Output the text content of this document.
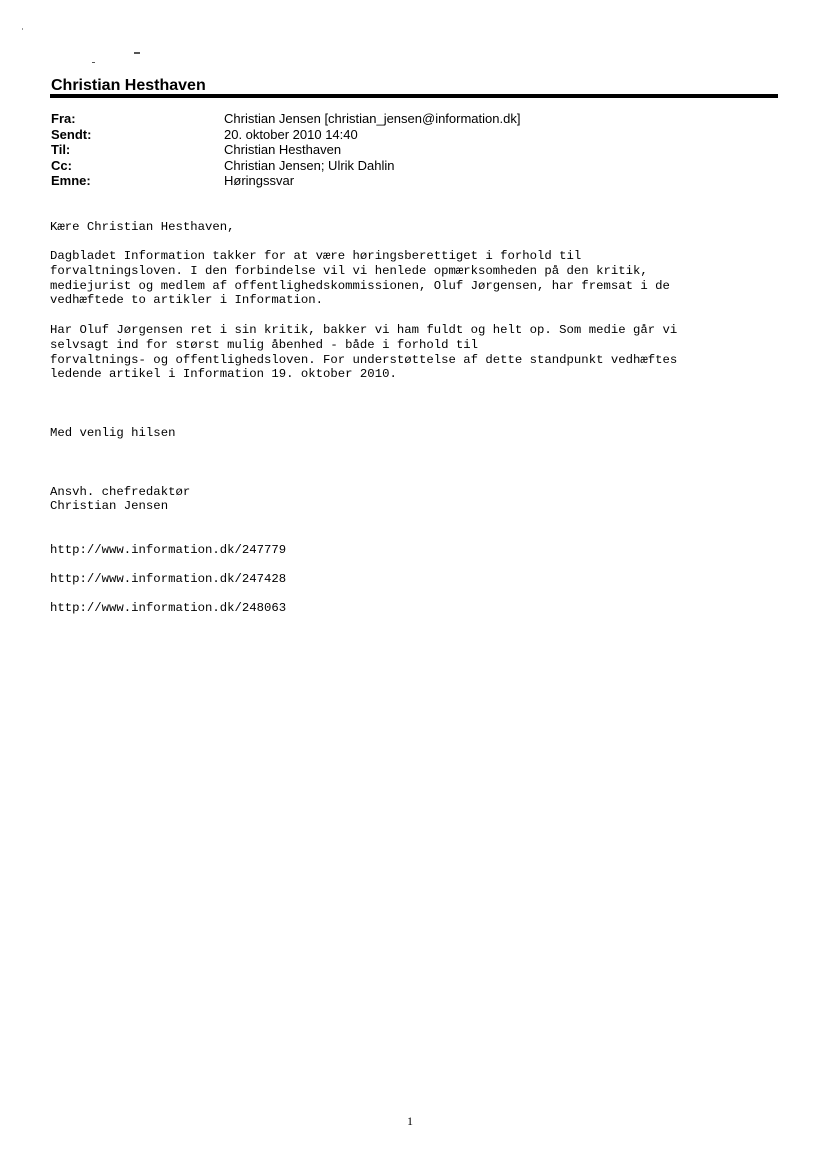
Christian Hesthaven
Fra:	Christian Jensen [christian_jensen@information.dk]
Sendt:	20. oktober 2010 14:40
Til:	Christian Hesthaven
Cc:	Christian Jensen; Ulrik Dahlin
Emne:	Høringssvar
Kære Christian Hesthaven,
Dagbladet Information takker for at være høringsberettiget i forhold til
forvaltningsloven. I den forbindelse vil vi henlede opmærksomheden på den kritik,
mediejurist og medlem af offentlighedskommissionen, Oluf Jørgensen, har fremsat i de
vedhæftede to artikler i Information.
Har Oluf Jørgensen ret i sin kritik, bakker vi ham fuldt og helt op. Som medie går vi
selvsagt ind for størst mulig åbenhed - både i forhold til
forvaltnings- og offentlighedsloven. For understøttelse af dette standpunkt vedhæftes
ledende artikel i Information 19. oktober 2010.
Med venlig hilsen
Ansvh. chefredaktør
Christian Jensen
http://www.information.dk/247779
http://www.information.dk/247428
http://www.information.dk/248063
1
